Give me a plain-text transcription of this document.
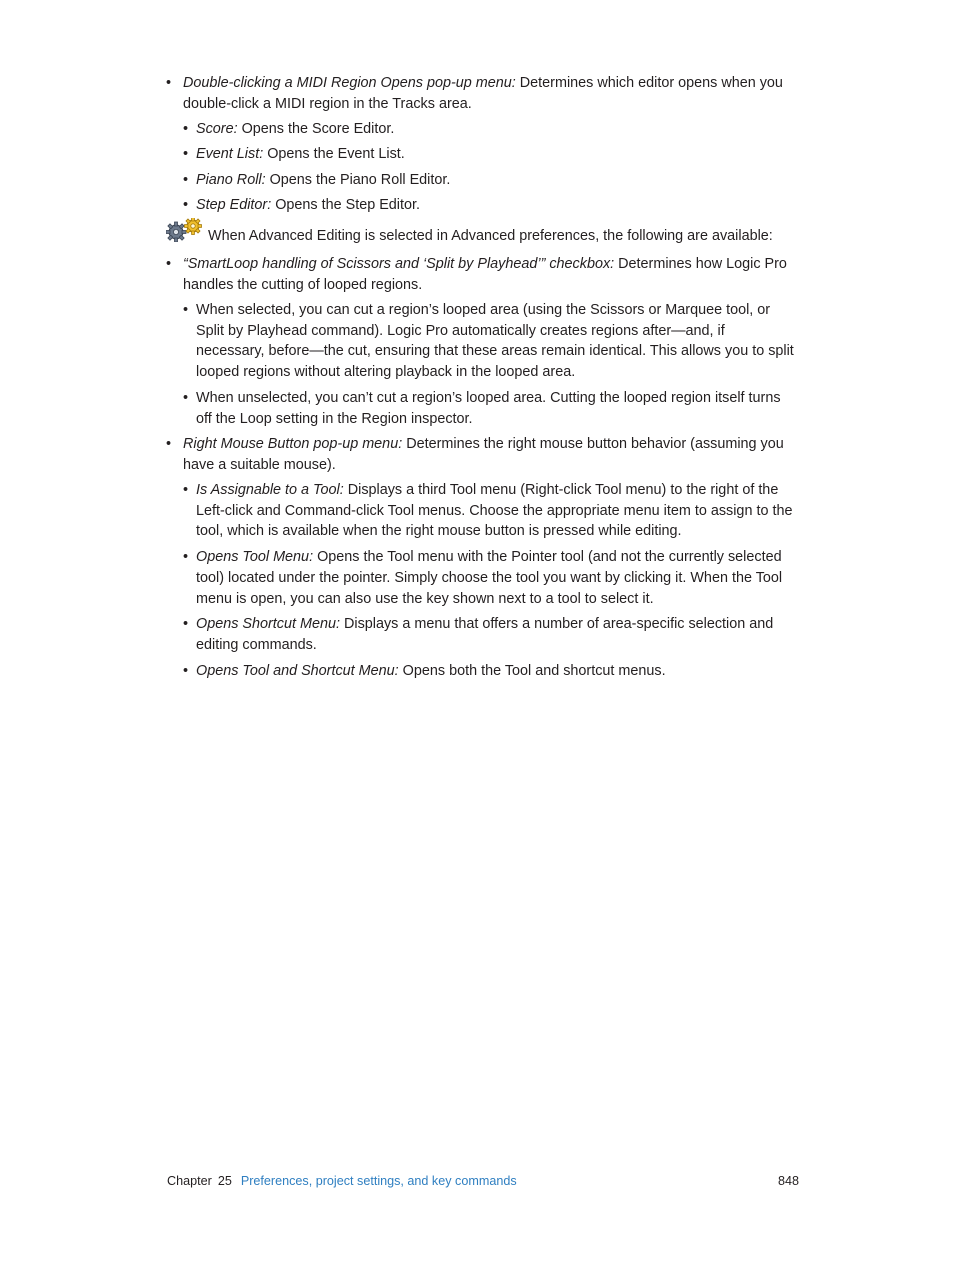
• Double-clicking a MIDI Region Opens pop-up menu: Determines which editor opens when you double-click a MIDI region in the Tracks area.
• Score: Opens the Score Editor.
• Event List: Opens the Event List.
• Piano Roll: Opens the Piano Roll Editor.
• Step Editor: Opens the Step Editor.
When Advanced Editing is selected in Advanced preferences, the following are available:
• “SmartLoop handling of Scissors and ‘Split by Playhead’” checkbox: Determines how Logic Pro handles the cutting of looped regions.
• When selected, you can cut a region’s looped area (using the Scissors or Marquee tool, or Split by Playhead command). Logic Pro automatically creates regions after—and, if necessary, before—the cut, ensuring that these areas remain identical. This allows you to split looped regions without altering playback in the looped area.
• When unselected, you can’t cut a region’s looped area. Cutting the looped region itself turns off the Loop setting in the Region inspector.
• Right Mouse Button pop-up menu: Determines the right mouse button behavior (assuming you have a suitable mouse).
• Is Assignable to a Tool: Displays a third Tool menu (Right-click Tool menu) to the right of the Left-click and Command-click Tool menus. Choose the appropriate menu item to assign to the tool, which is available when the right mouse button is pressed while editing.
• Opens Tool Menu: Opens the Tool menu with the Pointer tool (and not the currently selected tool) located under the pointer. Simply choose the tool you want by clicking it. When the Tool menu is open, you can also use the key shown next to a tool to select it.
• Opens Shortcut Menu: Displays a menu that offers a number of area-specific selection and editing commands.
• Opens Tool and Shortcut Menu: Opens both the Tool and shortcut menus.
Chapter 25 Preferences, project settings, and key commands	848
